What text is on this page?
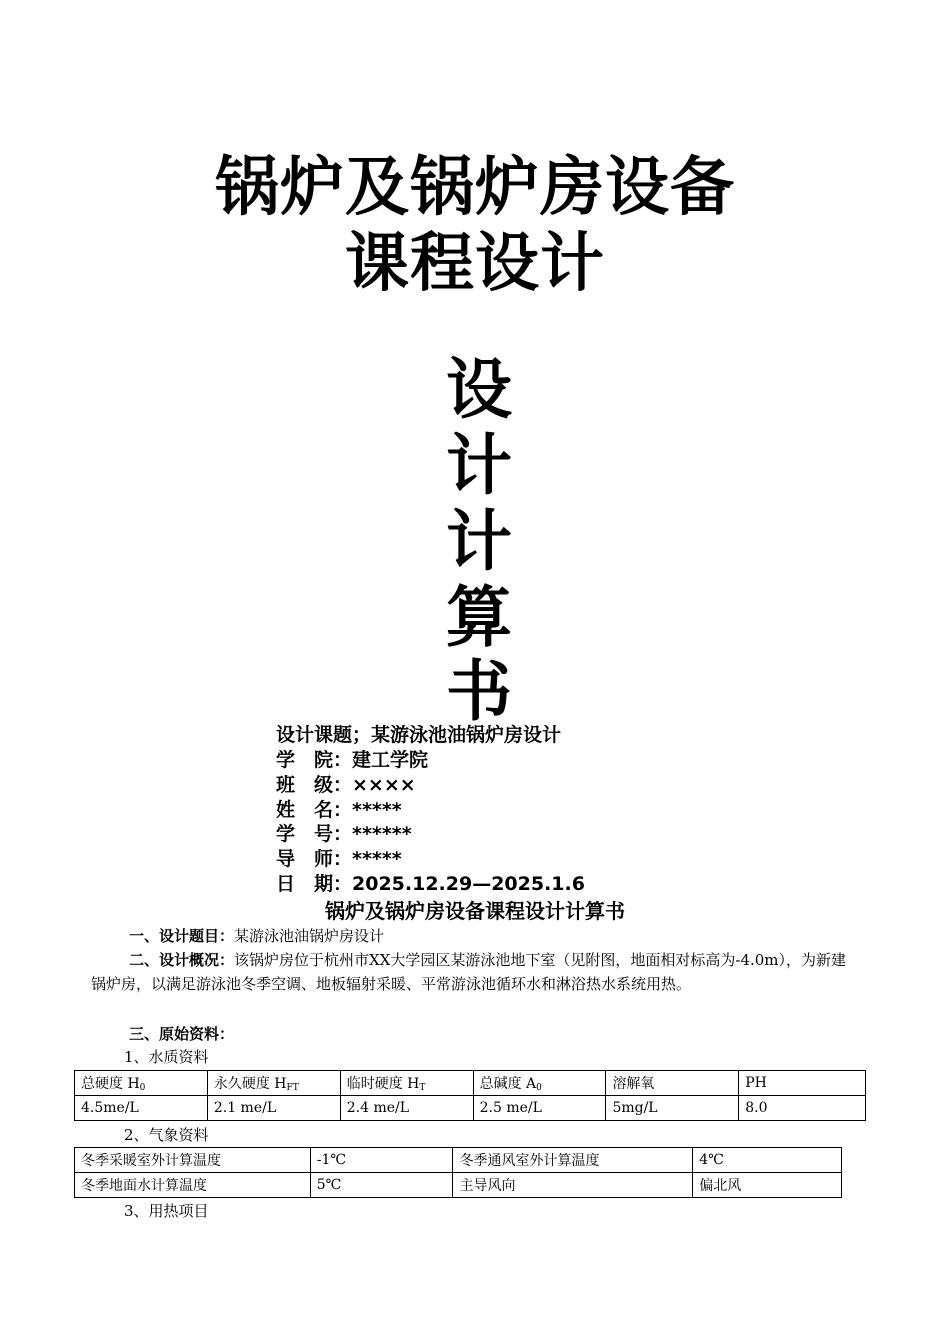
锅炉及锅炉房设备
课程设计
设
计
计
算
书
设计课题；某游泳池油锅炉房设计
学　院：建工学院
班　级：××××
姓　名：*****
学　号：******
导　师：*****
日　期：2025.12.29—2025.1.6
锅炉及锅炉房设备课程设计计算书
一、设计题目：某游泳池油锅炉房设计
二、设计概况：该锅炉房位于杭州市XX大学园区某游泳池地下室（见附图，地面相对标高为-4.0m），为新建锅炉房，以满足游泳池冬季空调、地板辐射采暖、平常游泳池循环水和淋浴热水系统用热。
三、原始资料：
1、水质资料
总硬度 H0	永久硬度 HFT	临时硬度 HT	总碱度 A0	溶解氧	PH
4.5me/L	2.1 me/L	2.4 me/L	2.5 me/L	5mg/L	8.0
2、气象资料
冬季采暖室外计算温度	-1℃	冬季通风室外计算温度	4℃
冬季地面水计算温度	5℃	主导风向	偏北风
3、用热项目
